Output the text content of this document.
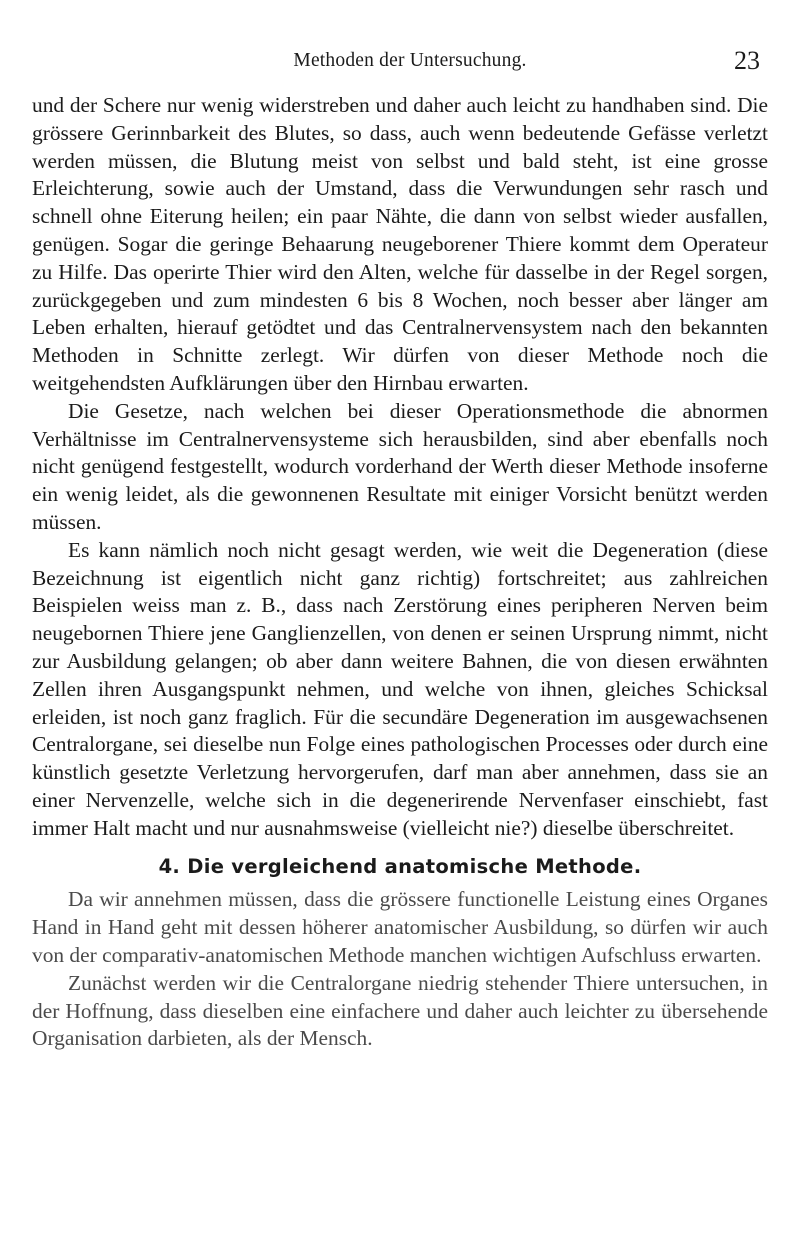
Methoden der Untersuchung.	23

und der Schere nur wenig widerstreben und daher auch leicht zu handhaben sind. Die grössere Gerinnbarkeit des Blutes, so dass, auch wenn bedeutende Gefässe verletzt werden müssen, die Blutung meist von selbst und bald steht, ist eine grosse Erleichterung, sowie auch der Umstand, dass die Verwundungen sehr rasch und schnell ohne Eiterung heilen; ein paar Nähte, die dann von selbst wieder ausfallen, genügen. Sogar die geringe Behaarung neugeborener Thiere kommt dem Operateur zu Hilfe. Das operirte Thier wird den Alten, welche für dasselbe in der Regel sorgen, zurückgegeben und zum mindesten 6 bis 8 Wochen, noch besser aber länger am Leben erhalten, hierauf getödtet und das Centralnervensystem nach den bekannten Methoden in Schnitte zerlegt. Wir dürfen von dieser Methode noch die weitgehendsten Aufklärungen über den Hirnbau erwarten.

Die Gesetze, nach welchen bei dieser Operationsmethode die abnormen Verhältnisse im Centralnervensysteme sich herausbilden, sind aber ebenfalls noch nicht genügend festgestellt, wodurch vorderhand der Werth dieser Methode insoferne ein wenig leidet, als die gewonnenen Resultate mit einiger Vorsicht benützt werden müssen.

Es kann nämlich noch nicht gesagt werden, wie weit die Degeneration (diese Bezeichnung ist eigentlich nicht ganz richtig) fortschreitet; aus zahlreichen Beispielen weiss man z. B., dass nach Zerstörung eines peripheren Nerven beim neugebornen Thiere jene Ganglienzellen, von denen er seinen Ursprung nimmt, nicht zur Ausbildung gelangen; ob aber dann weitere Bahnen, die von diesen erwähnten Zellen ihren Ausgangspunkt nehmen, und welche von ihnen, gleiches Schicksal erleiden, ist noch ganz fraglich. Für die secundäre Degeneration im ausgewachsenen Centralorgane, sei dieselbe nun Folge eines pathologischen Processes oder durch eine künstlich gesetzte Verletzung hervorgerufen, darf man aber annehmen, dass sie an einer Nervenzelle, welche sich in die degenerirende Nervenfaser einschiebt, fast immer Halt macht und nur ausnahmsweise (vielleicht nie?) dieselbe überschreitet.

4. Die vergleichend anatomische Methode.

Da wir annehmen müssen, dass die grössere functionelle Leistung eines Organes Hand in Hand geht mit dessen höherer anatomischer Ausbildung, so dürfen wir auch von der comparativ-anatomischen Methode manchen wichtigen Aufschluss erwarten.

Zunächst werden wir die Centralorgane niedrig stehender Thiere untersuchen, in der Hoffnung, dass dieselben eine einfachere und daher auch leichter zu übersehende Organisation darbieten, als der Mensch.
